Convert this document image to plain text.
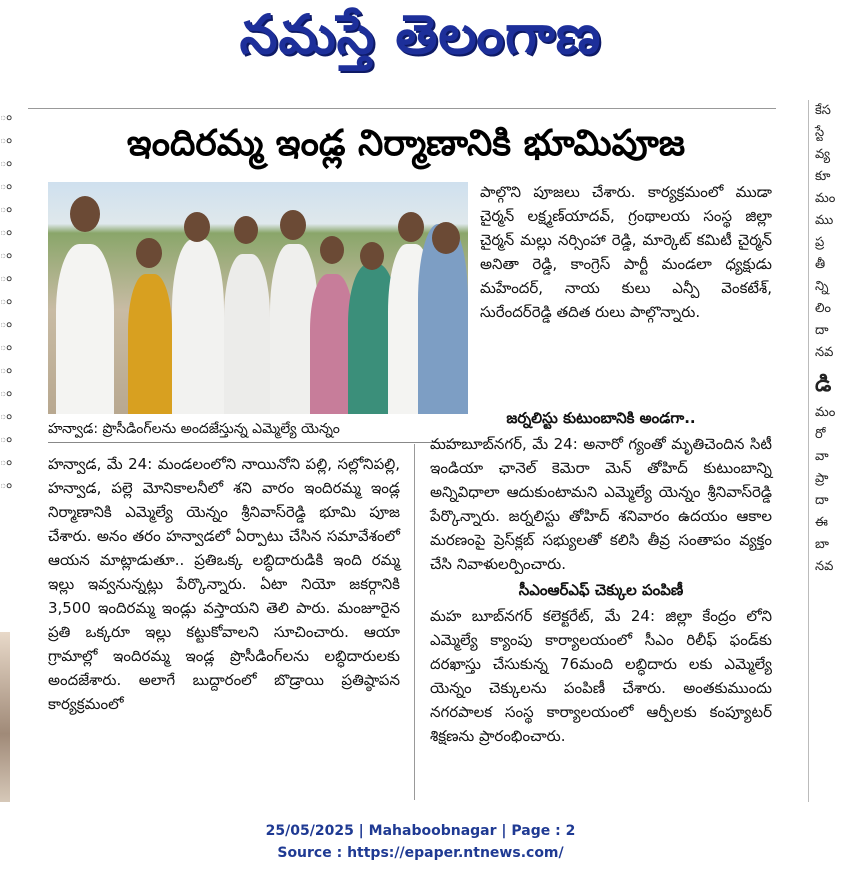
నమస్తే తెలంగాణ
ం
ం
ం
ం
ం
ం
ం
ం
ం
ం
ం
ం
ం
ం
ం
ం
ం
కేస
స్టే
వ్య
కూ
మం
ము
ప్ర
తీ
న్ని
లిం
దా
నవ
డి
మం
రో
వా
ప్రా
దా
ఈ
బా
నవ
ఇందిరమ్మ ఇండ్ల నిర్మాణానికి భూమిపూజ
హన్వాడ: ప్రొసీడింగ్‌లను అందజేస్తున్న ఎమ్మెల్యే యెన్నం
పాల్గొని పూజలు చేశారు. కార్యక్రమంలో ముడా చైర్మన్ లక్ష్మణ్‌యాదవ్, గ్రంథాలయ సంస్థ జిల్లా చైర్మన్ మల్లు నర్సింహా రెడ్డి, మార్కెట్ కమిటీ చైర్మన్ అనితా రెడ్డి, కాంగ్రెస్ పార్టీ మండలా ధ్యక్షుడు మహేందర్, నాయ కులు ఎన్పీ వెంకటేశ్, సురేందర్‌రెడ్డి తదిత రులు పాల్గొన్నారు.
జర్నలిస్టు కుటుంబానికి అండగా..
మహబూబ్‌నగర్, మే 24: అనారో గ్యంతో మృతిచెందిన సిటీ ఇండియా ఛానెల్ కెమెరా మెన్ తోహిద్ కుటుంబాన్ని అన్నివిధాలా ఆదుకుంటామని ఎమ్మెల్యే యెన్నం శ్రీనివాస్‌రెడ్డి పేర్కొన్నారు. జర్నలిస్టు తోహిద్ శనివారం ఉదయం ఆకాల మరణంపై ప్రెస్‌క్లబ్ సభ్యులతో కలిసి తీవ్ర సంతాపం వ్యక్తం చేసి నివాళులర్పించారు.
సీఎంఆర్‌ఎఫ్ చెక్కుల పంపిణీ
మహ బూబ్‌నగర్ కలెక్టరేట్, మే 24: జిల్లా కేంద్రం లోని ఎమ్మెల్యే క్యాంపు కార్యాలయంలో సీఎం రిలీఫ్ ఫండ్‌కు దరఖాస్తు చేసుకున్న 76మంది లబ్ధిదారు లకు ఎమ్మెల్యే యెన్నం చెక్కులను పంపిణీ చేశారు. అంతకుముందు నగరపాలక సంస్థ కార్యాలయంలో ఆర్పీలకు కంప్యూటర్ శిక్షణను ప్రారంభించారు.
హన్వాడ, మే 24: మండలంలోని నాయినోని పల్లి, సల్లోనిపల్లి, హన్వాడ, పల్లె మోనికాలనీలో శని వారం ఇందిరమ్మ ఇండ్ల నిర్మాణానికి ఎమ్మెల్యే యెన్నం శ్రీనివాస్‌రెడ్డి భూమి పూజ చేశారు. అనం తరం హన్వాడలో ఏర్పాటు చేసిన సమావేశంలో ఆయన మాట్లాడుతూ.. ప్రతిఒక్క లబ్ధిదారుడికి ఇంది రమ్మ ఇల్లు ఇవ్వనున్నట్లు పేర్కొన్నారు. ఏటా నియో జకర్గానికి 3,500 ఇందిరమ్మ ఇండ్లు వస్తాయని తెలి పారు. మంజూరైన ప్రతి ఒక్కరూ ఇల్లు కట్టుకోవాలని సూచించారు. ఆయా గ్రామాల్లో ఇందిరమ్మ ఇండ్ల ప్రొసీడింగ్‌లను లబ్ధిదారులకు అందజేశారు. అలాగే బుద్దారంలో బొడ్రాయి ప్రతిష్ఠాపన కార్యక్రమంలో
25/05/2025 | Mahaboobnagar | Page : 2
Source : https://epaper.ntnews.com/
